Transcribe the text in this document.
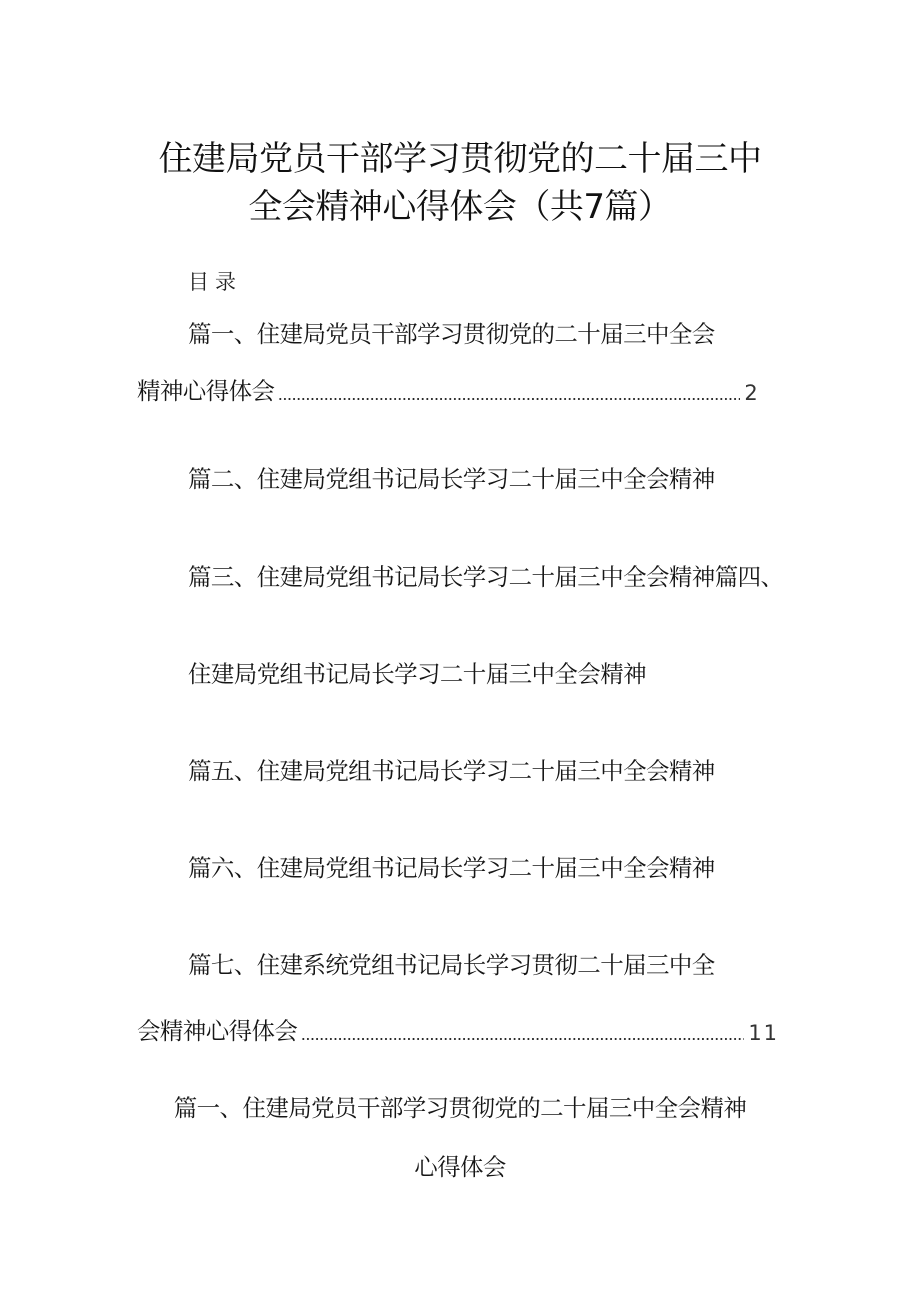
住建局党员干部学习贯彻党的二十届三中
全会精神心得体会（共7篇）
目录
篇一、住建局党员干部学习贯彻党的二十届三中全会
精神心得体会	2
篇二、住建局党组书记局长学习二十届三中全会精神
篇三、住建局党组书记局长学习二十届三中全会精神篇四、
住建局党组书记局长学习二十届三中全会精神
篇五、住建局党组书记局长学习二十届三中全会精神
篇六、住建局党组书记局长学习二十届三中全会精神
篇七、住建系统党组书记局长学习贯彻二十届三中全
会精神心得体会	11
篇一、住建局党员干部学习贯彻党的二十届三中全会精神
心得体会
